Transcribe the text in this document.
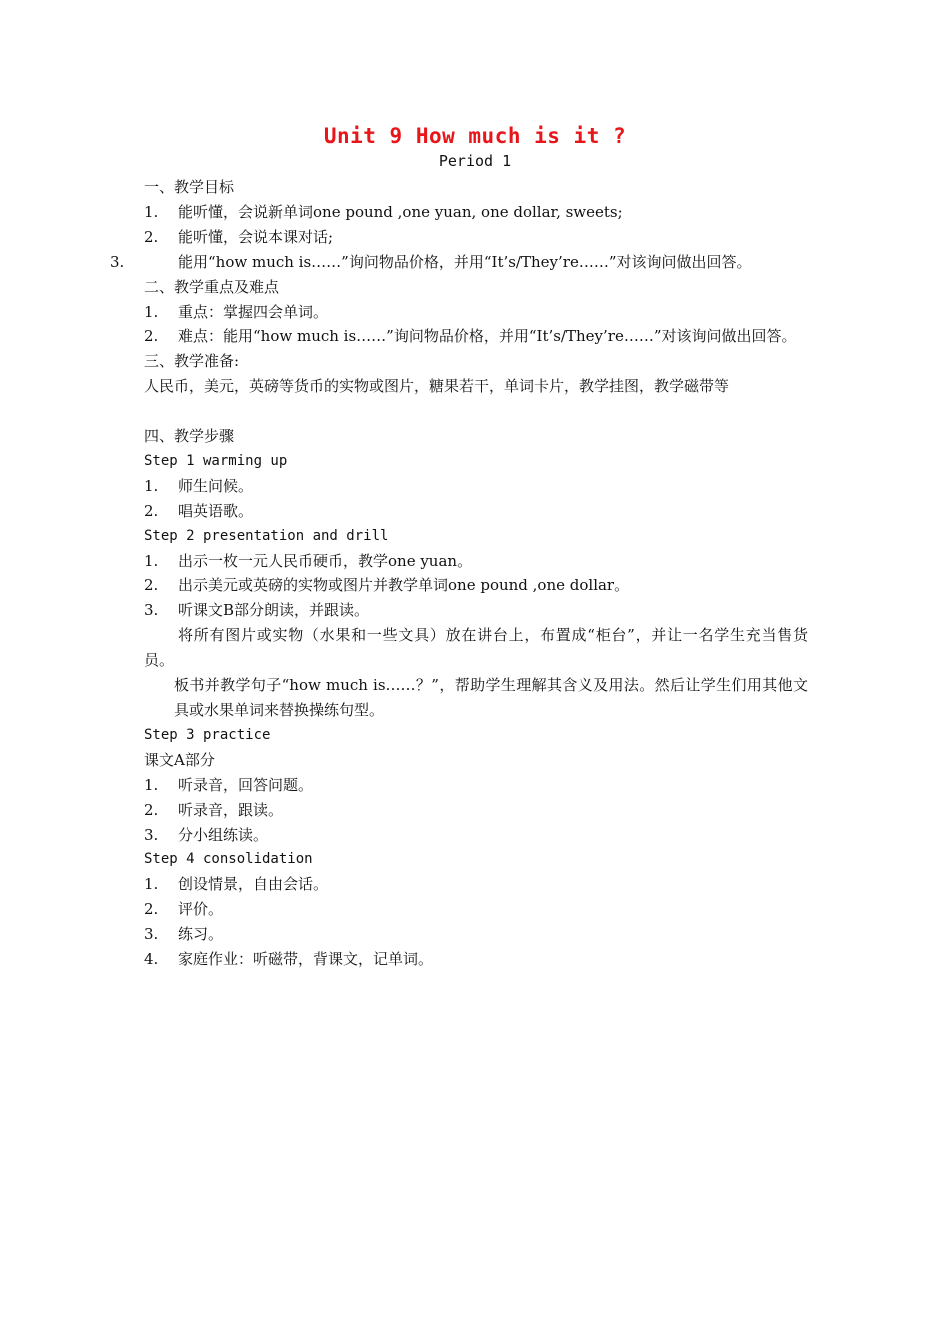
Unit 9 How much is it ?
Period 1
一、教学目标
1. 能听懂，会说新单词one pound ,one yuan, one dollar, sweets;
2. 能听懂，会说本课对话;
3.	能用“how much is……”询问物品价格，并用“It’s/They’re……”对该询问做出回答。
二、教学重点及难点
1. 重点：掌握四会单词。
2. 难点：能用“how much is……”询问物品价格，并用“It’s/They’re……”对该询问做出回答。
三、教学准备:
人民币，美元，英磅等货币的实物或图片，糖果若干，单词卡片，教学挂图，教学磁带等
四、教学步骤
Step 1 warming up
1. 师生问候。
2. 唱英语歌。
Step 2 presentation and drill
1. 出示一枚一元人民币硬币，教学one yuan。
2. 出示美元或英磅的实物或图片并教学单词one pound ,one dollar。
3. 听课文B部分朗读，并跟读。
将所有图片或实物（水果和一些文具）放在讲台上，布置成“柜台”，并让一名学生充当售货员。
板书并教学句子“how much is……？”，帮助学生理解其含义及用法。然后让学生们用其他文具或水果单词来替换操练句型。
Step 3 practice
课文A部分
1. 听录音，回答问题。
2. 听录音，跟读。
3. 分小组练读。
Step 4 consolidation
1. 创设情景，自由会话。
2. 评价。
3. 练习。
4. 家庭作业：听磁带，背课文，记单词。
